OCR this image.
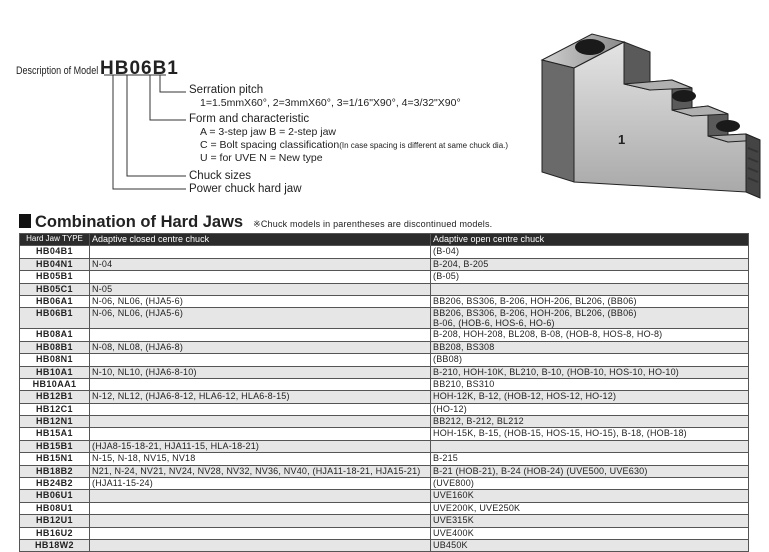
Description of Model HB06B1
Serration pitch
1=1.5mmX60°, 2=3mmX60°, 3=1/16"X90°, 4=3/32"X90°
Form and characteristic
A = 3-step jaw B = 2-step jaw
C = Bolt spacing classification(In case spacing is different at same chuck dia.)
U = for UVE N = New type
Chuck sizes
Power chuck hard jaw
1
Combination of Hard Jaws ※Chuck models in parentheses are discontinued models.
Hard Jaw TYPE	Adaptive closed centre chuck	Adaptive open centre chuck
HB04B1		(B-04)
HB04N1	N-04	B-204, B-205
HB05B1		(B-05)
HB05C1	N-05	
HB06A1	N-06, NL06, (HJA5-6)	BB206, BS306, B-206, HOH-206, BL206, (BB06)
HB06B1	N-06, NL06, (HJA5-6)	BB206, BS306, B-206, HOH-206, BL206, (BB06)
B-06, (HOB-6, HOS-6, HO-6)

HB08A1		B-208, HOH-208, BL208, B-08, (HOB-8, HOS-8, HO-8)
HB08B1	N-08, NL08, (HJA6-8)	BB208, BS308
HB08N1		(BB08)
HB10A1	N-10, NL10, (HJA6-8-10)	B-210, HOH-10K, BL210, B-10, (HOB-10, HOS-10, HO-10)
HB10AA1		BB210, BS310
HB12B1	N-12, NL12, (HJA6-8-12, HLA6-12, HLA6-8-15)	HOH-12K, B-12, (HOB-12, HOS-12, HO-12)
HB12C1		(HO-12)
HB12N1		BB212, B-212, BL212
HB15A1		HOH-15K, B-15, (HOB-15, HOS-15, HO-15), B-18, (HOB-18)
HB15B1	(HJA8-15-18-21, HJA11-15, HLA-18-21)	
HB15N1	N-15, N-18, NV15, NV18	B-215
HB18B2	N21, N-24, NV21, NV24, NV28, NV32, NV36, NV40, (HJA11-18-21, HJA15-21)	B-21 (HOB-21), B-24 (HOB-24) (UVE500, UVE630)
HB24B2	(HJA11-15-24)	(UVE800)
HB06U1		UVE160K
HB08U1		UVE200K, UVE250K
HB12U1		UVE315K
HB16U2		UVE400K
HB18W2		UB450K
